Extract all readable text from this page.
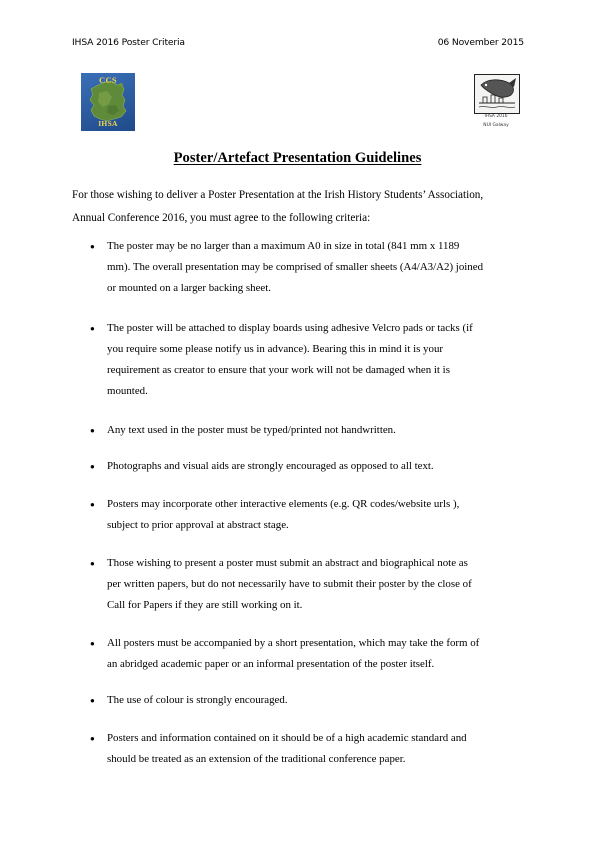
IHSA 2016 Poster Criteria	06 November 2015
CCS
IHSA
IHSA 2016
NUI Galway
Poster/Artefact Presentation Guidelines

For those wishing to deliver a Poster Presentation at the Irish History Students’ Association,
Annual Conference 2016, you must agree to the following criteria:

● The poster may be no larger than a maximum A0 in size in total (841 mm x 1189
mm). The overall presentation may be comprised of smaller sheets (A4/A3/A2) joined
or mounted on a larger backing sheet.
● The poster will be attached to display boards using adhesive Velcro pads or tacks (if
you require some please notify us in advance). Bearing this in mind it is your
requirement as creator to ensure that your work will not be damaged when it is
mounted.
● Any text used in the poster must be typed/printed not handwritten.
● Photographs and visual aids are strongly encouraged as opposed to all text.
● Posters may incorporate other interactive elements (e.g. QR codes/website urls ),
subject to prior approval at abstract stage.
● Those wishing to present a poster must submit an abstract and biographical note as
per written papers, but do not necessarily have to submit their poster by the close of
Call for Papers if they are still working on it.
● All posters must be accompanied by a short presentation, which may take the form of
an abridged academic paper or an informal presentation of the poster itself.
● The use of colour is strongly encouraged.
● Posters and information contained on it should be of a high academic standard and
should be treated as an extension of the traditional conference paper.
